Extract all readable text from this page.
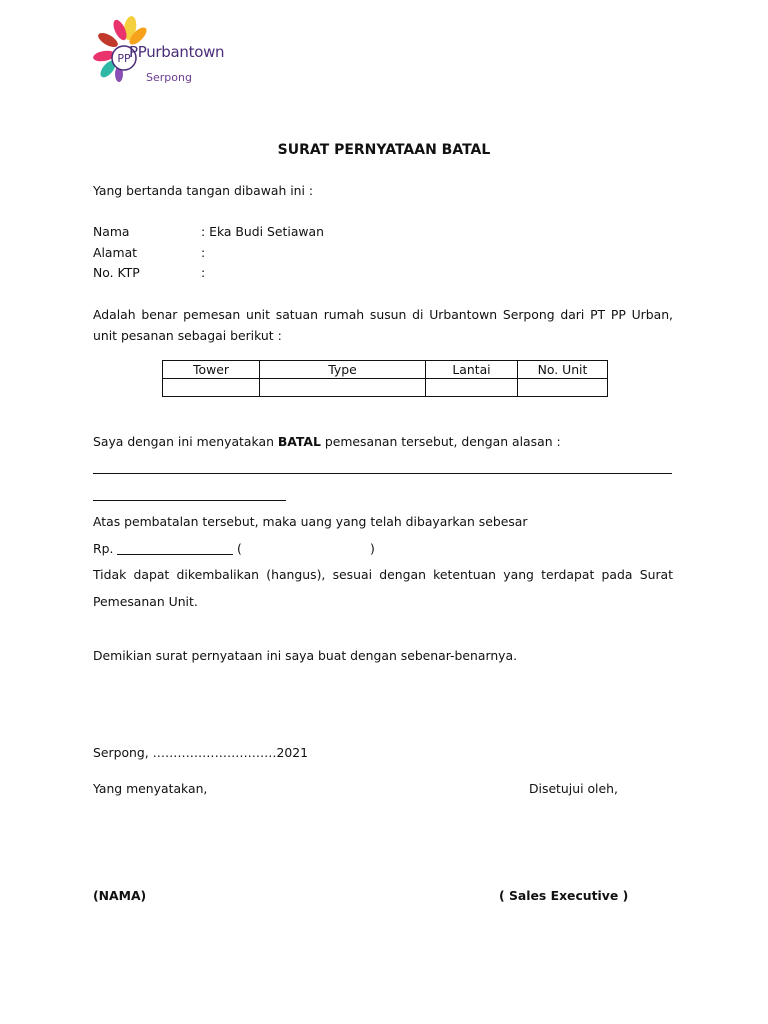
PP
PPurbantown
Serpong
SURAT PERNYATAAN BATAL
Yang bertanda tangan dibawah ini :
Nama	: Eka Budi Setiawan
Alamat	:
No. KTP	:
Adalah benar pemesan unit satuan rumah susun di Urbantown Serpong dari PT PP Urban, unit pesanan sebagai berikut :
Tower	Type	Lantai	No. Unit

Saya dengan ini menyatakan BATAL pemesanan tersebut, dengan alasan :
Atas pembatalan tersebut, maka uang yang telah dibayarkan sebesar
Rp.	(	)
Tidak dapat dikembalikan (hangus), sesuai dengan ketentuan yang terdapat pada Surat
Pemesanan Unit.
Demikian surat pernyataan ini saya buat dengan sebenar-benarnya.
Serpong, …………………………2021
Yang menyatakan,	Disetujui oleh,
(NAMA)	( Sales Executive )
